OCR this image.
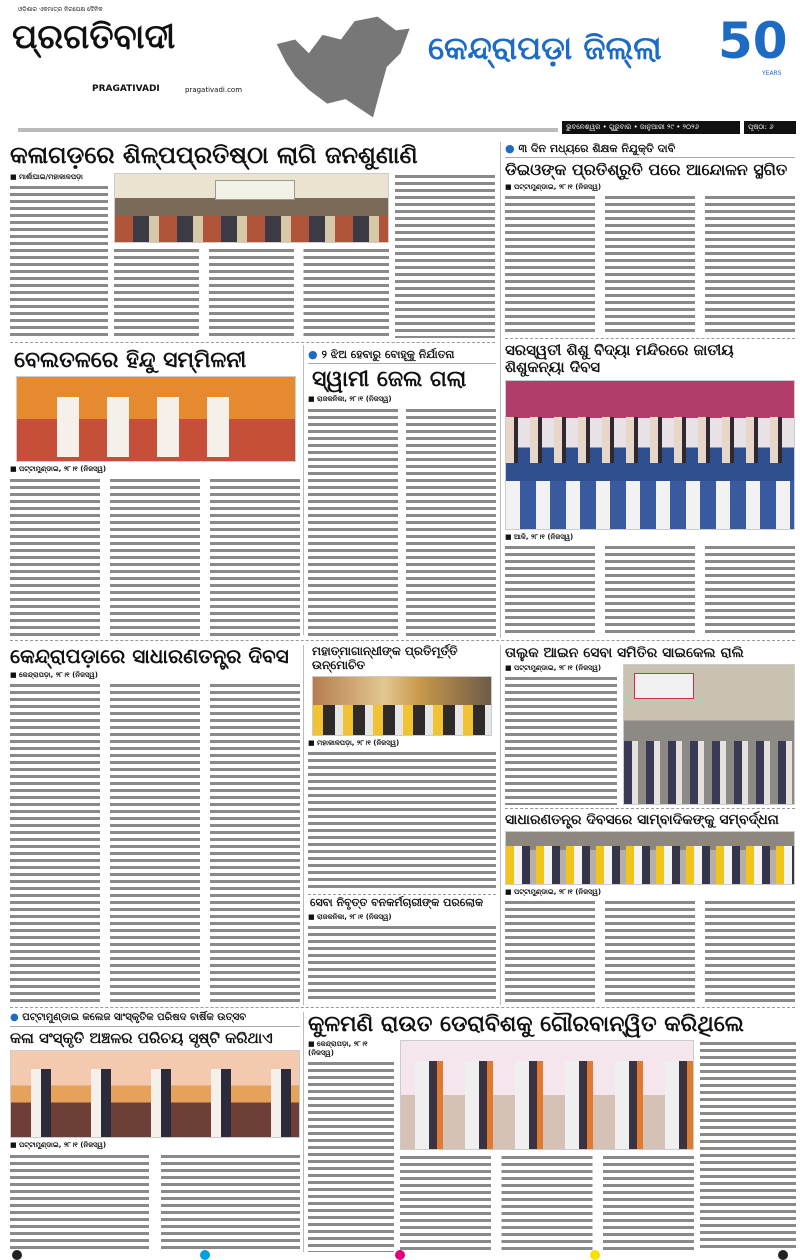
ଓଡ଼ିଶାର ଏକମାତ୍ର ନିରପେକ୍ଷ ଦୈନିକ
ପ୍ରଗତିବାଦୀ
PRAGATIVADI	pragativadi.com
କେନ୍ଦ୍ରାପଡ଼ା ଜିଲ୍ଲା	50
YEARS
ଭୁବନେଶ୍ୱର • ଗୁରୁବାର • ଜାନୁଆରୀ ୨୯ • ୨୦୨୬	ପୃଷ୍ଠା: ୬
କଳାଗଡ଼ରେ ଶିଳ୍ପପ୍ରତିଷ୍ଠା ଲାଗି ଜନଶୁଣାଣି
■ ମାର୍ଶାଘାଇ/ମହାକାଳପଡ଼ା
● ୩ ଦିନ ମଧ୍ୟରେ ଶିକ୍ଷକ ନିଯୁକ୍ତି ଦାବି
ଡିଇଓଙ୍କ ପ୍ରତିଶ୍ରୁତି ପରେ ଆନ୍ଦୋଳନ ସ୍ଥଗିତ
■ ପଟ୍ଟାମୁଣ୍ଡାଇ, ୨୮।୧ (ନିଜସ୍ୱ)
ବେଲତଳରେ ହିନ୍ଦୁ ସମ୍ମିଳନୀ
■ ପଟ୍ଟାମୁଣ୍ଡାଇ, ୨୮।୧ (ନିଜସ୍ୱ)
● ୨ ଝିଅ ହେବାରୁ ବୋହୂକୁ ନିର୍ଯାତନା
ସ୍ୱାମୀ ଜେଲ ଗଲା
■ ରାଜକନିକା, ୨୮।୧ (ନିଜସ୍ୱ)
ସରସ୍ୱତୀ ଶିଶୁ ବିଦ୍ୟା ମନ୍ଦିରରେ ଜାତୀୟ ଶିଶୁକନ୍ୟା ଦିବସ
■ ଆଳି, ୨୮।୧ (ନିଜସ୍ୱ)
କେନ୍ଦ୍ରାପଡ଼ାରେ ସାଧାରଣତନ୍ତ୍ର ଦିବସ
■ କେନ୍ଦ୍ରାପଡ଼ା, ୨୮।୧ (ନିଜସ୍ୱ)
ମହାତ୍ମାଗାନ୍ଧୀଙ୍କ ପ୍ରତିମୂର୍ତ୍ତି ଉନ୍ମୋଚିତ
■ ମହାକାଳପଡ଼ା, ୨୮।୧ (ନିଜସ୍ୱ)
ତାଲୁକ ଆଇନ ସେବା ସମିତିର ସାଇକେଲ ରାଲି
■ ପଟ୍ଟାମୁଣ୍ଡାଇ, ୨୮।୧ (ନିଜସ୍ୱ)
ସାଧାରଣତନ୍ତ୍ର ଦିବସରେ ସାମ୍ବାଦିକଙ୍କୁ ସମ୍ବର୍ଦ୍ଧନା
■ ପଟ୍ଟାମୁଣ୍ଡାଇ, ୨୮।୧ (ନିଜସ୍ୱ)
ସେବା ନିବୃତ୍ତ ବନକର୍ମଚାରୀଙ୍କ ପରଲୋକ
■ ରାଜକନିକା, ୨୮।୧ (ନିଜସ୍ୱ)
● ପଟ୍ଟାମୁଣ୍ଡାଇ କଲେଜ ସାଂସ୍କୃତିକ ପରିଷଦ ବାର୍ଷିକ ଉତ୍ସବ
କଳା ସଂସ୍କୃତି ଅଞ୍ଚଳର ପରିଚୟ ସୃଷ୍ଟି କରିଥାଏ
■ ପଟ୍ଟାମୁଣ୍ଡାଇ, ୨୮।୧ (ନିଜସ୍ୱ)
କୁଳମଣି ରାଉତ ଡେରାବିଶକୁ ଗୌରବାନ୍ୱିତ କରିଥିଲେ
■ କେନ୍ଦ୍ରାପଡ଼ା, ୨୮।୧ (ନିଜସ୍ୱ)
